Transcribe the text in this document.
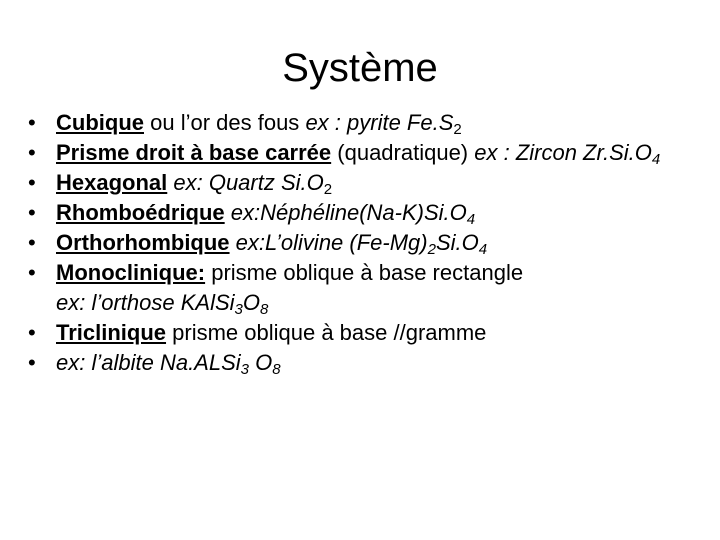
Système
• Cubique ou l’or des fous ex : pyrite $Fe.S_2$
• Prisme droit à base carrée (quadratique) ex : Zircon $Zr.Si.O_4$
• Hexagonal ex: Quartz $Si.O_2$
• Rhomboédrique $ex:Néphéline(Na-K)Si.O_4$
• Orthorhombique ex:L’olivine $(Fe-Mg)_2Si.O_4$
• Monoclinique: prisme oblique à base rectangle
ex: l’orthose $KAlSi_3O_8$
• Triclinique prisme oblique à base //gramme
• ex: l’albite Na.ALSi$_3$ $O_8$
